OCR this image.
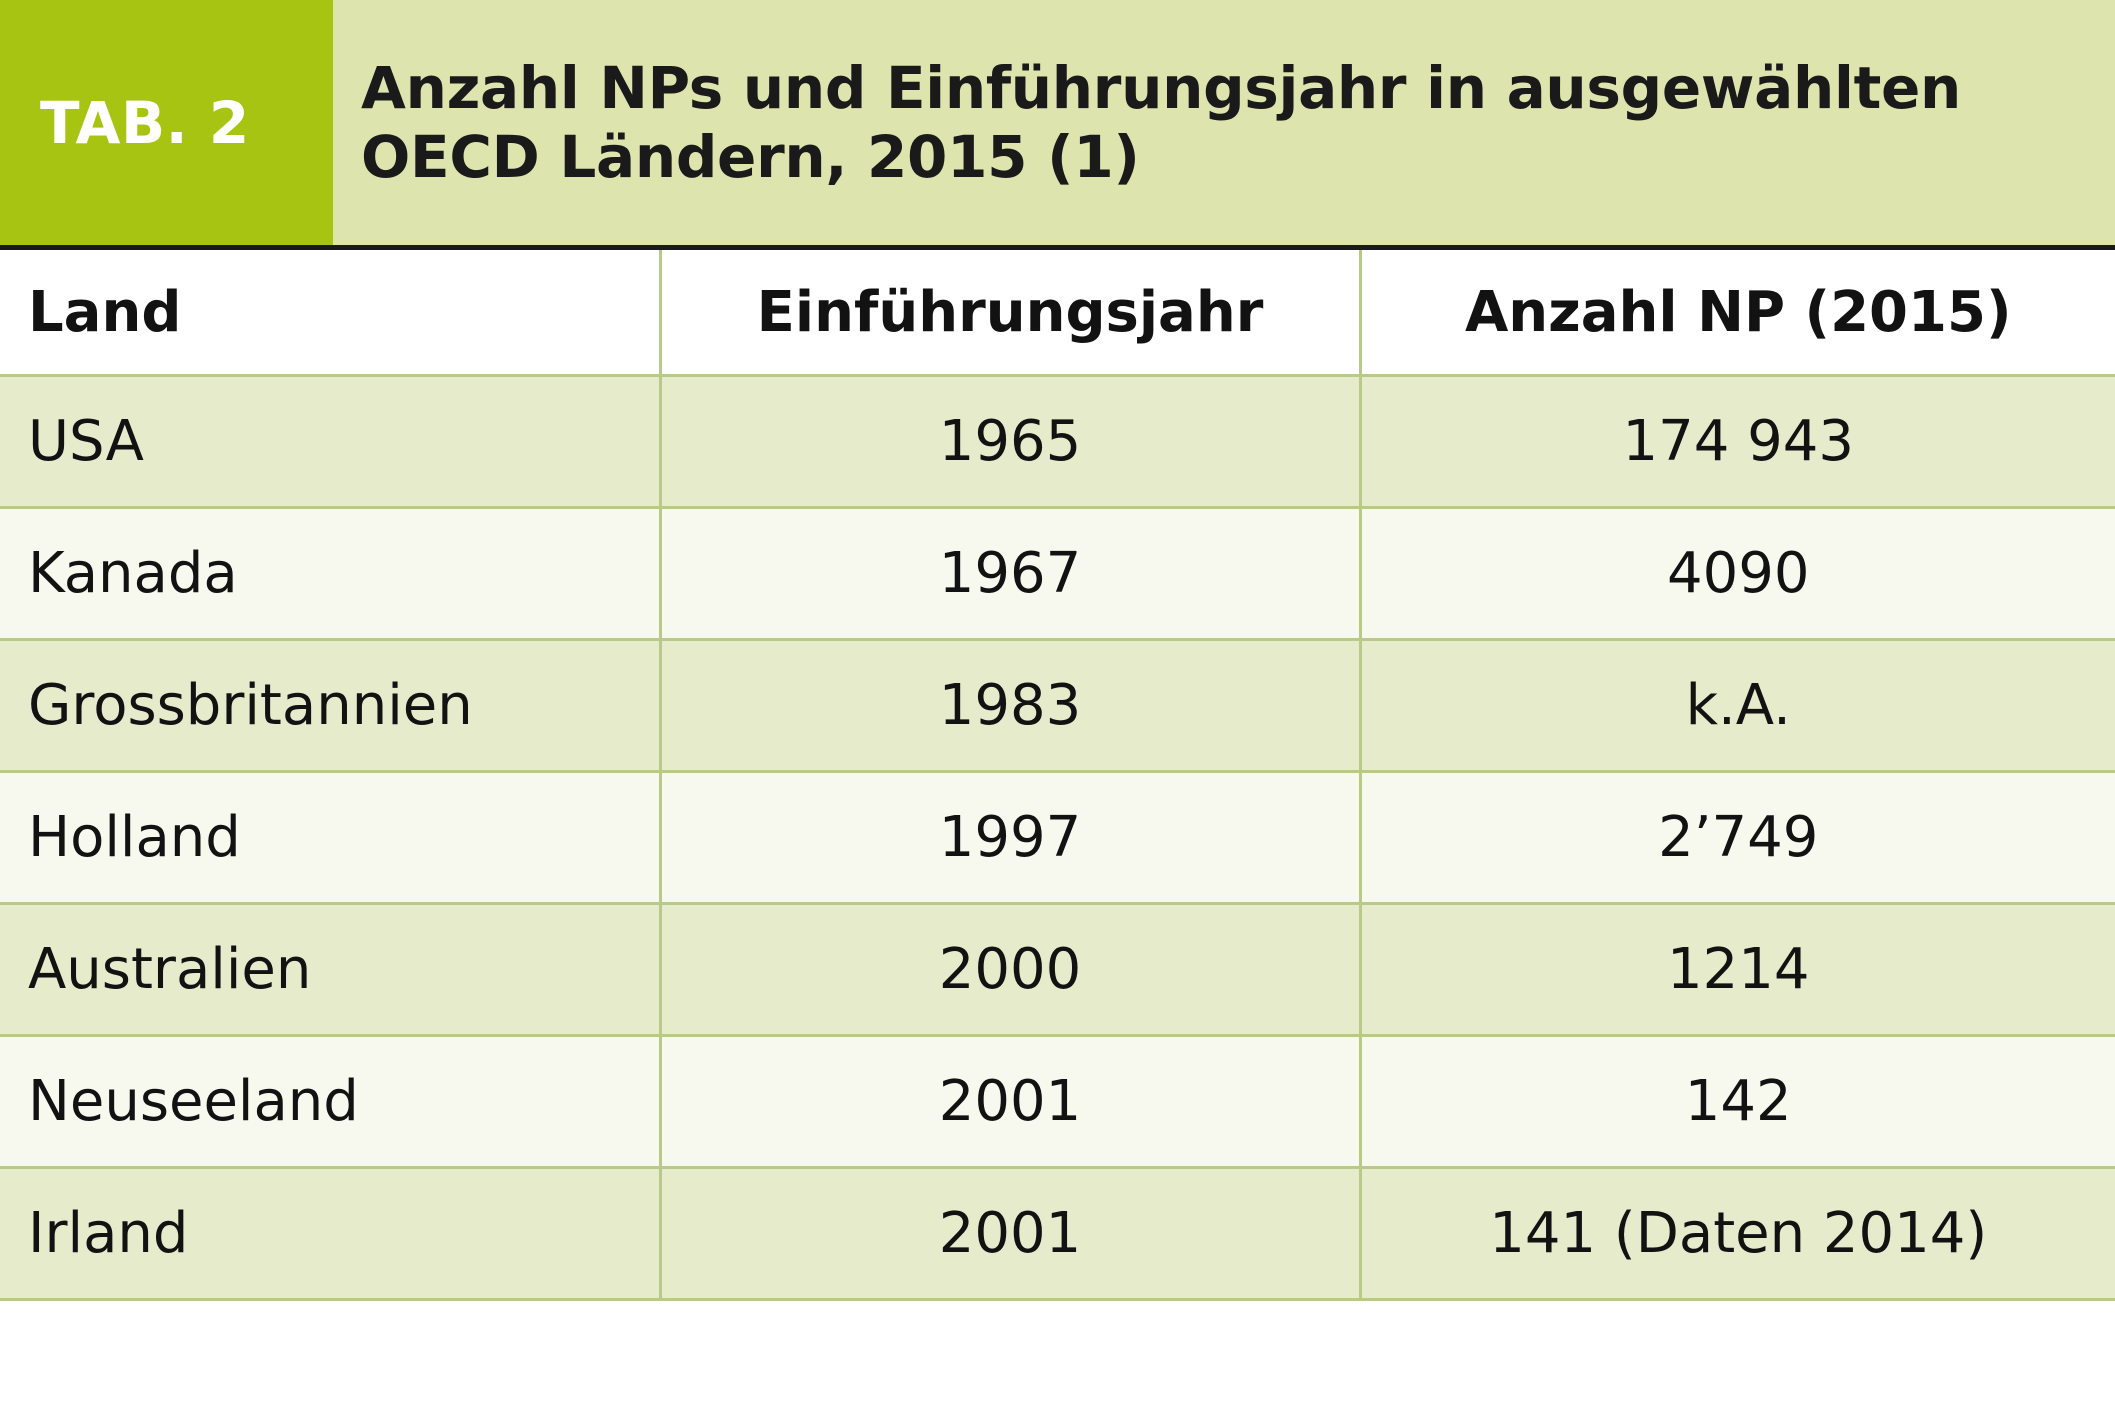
TAB. 2
Anzahl NPs und Einführungsjahr in ausgewählten OECD Ländern, 2015 (1)
Land	Einführungsjahr	Anzahl NP (2015)
USA	1965	174 943
Kanada	1967	4090
Grossbritannien	1983	k.A.
Holland	1997	2’749
Australien	2000	1214
Neuseeland	2001	142
Irland	2001	141 (Daten 2014)
